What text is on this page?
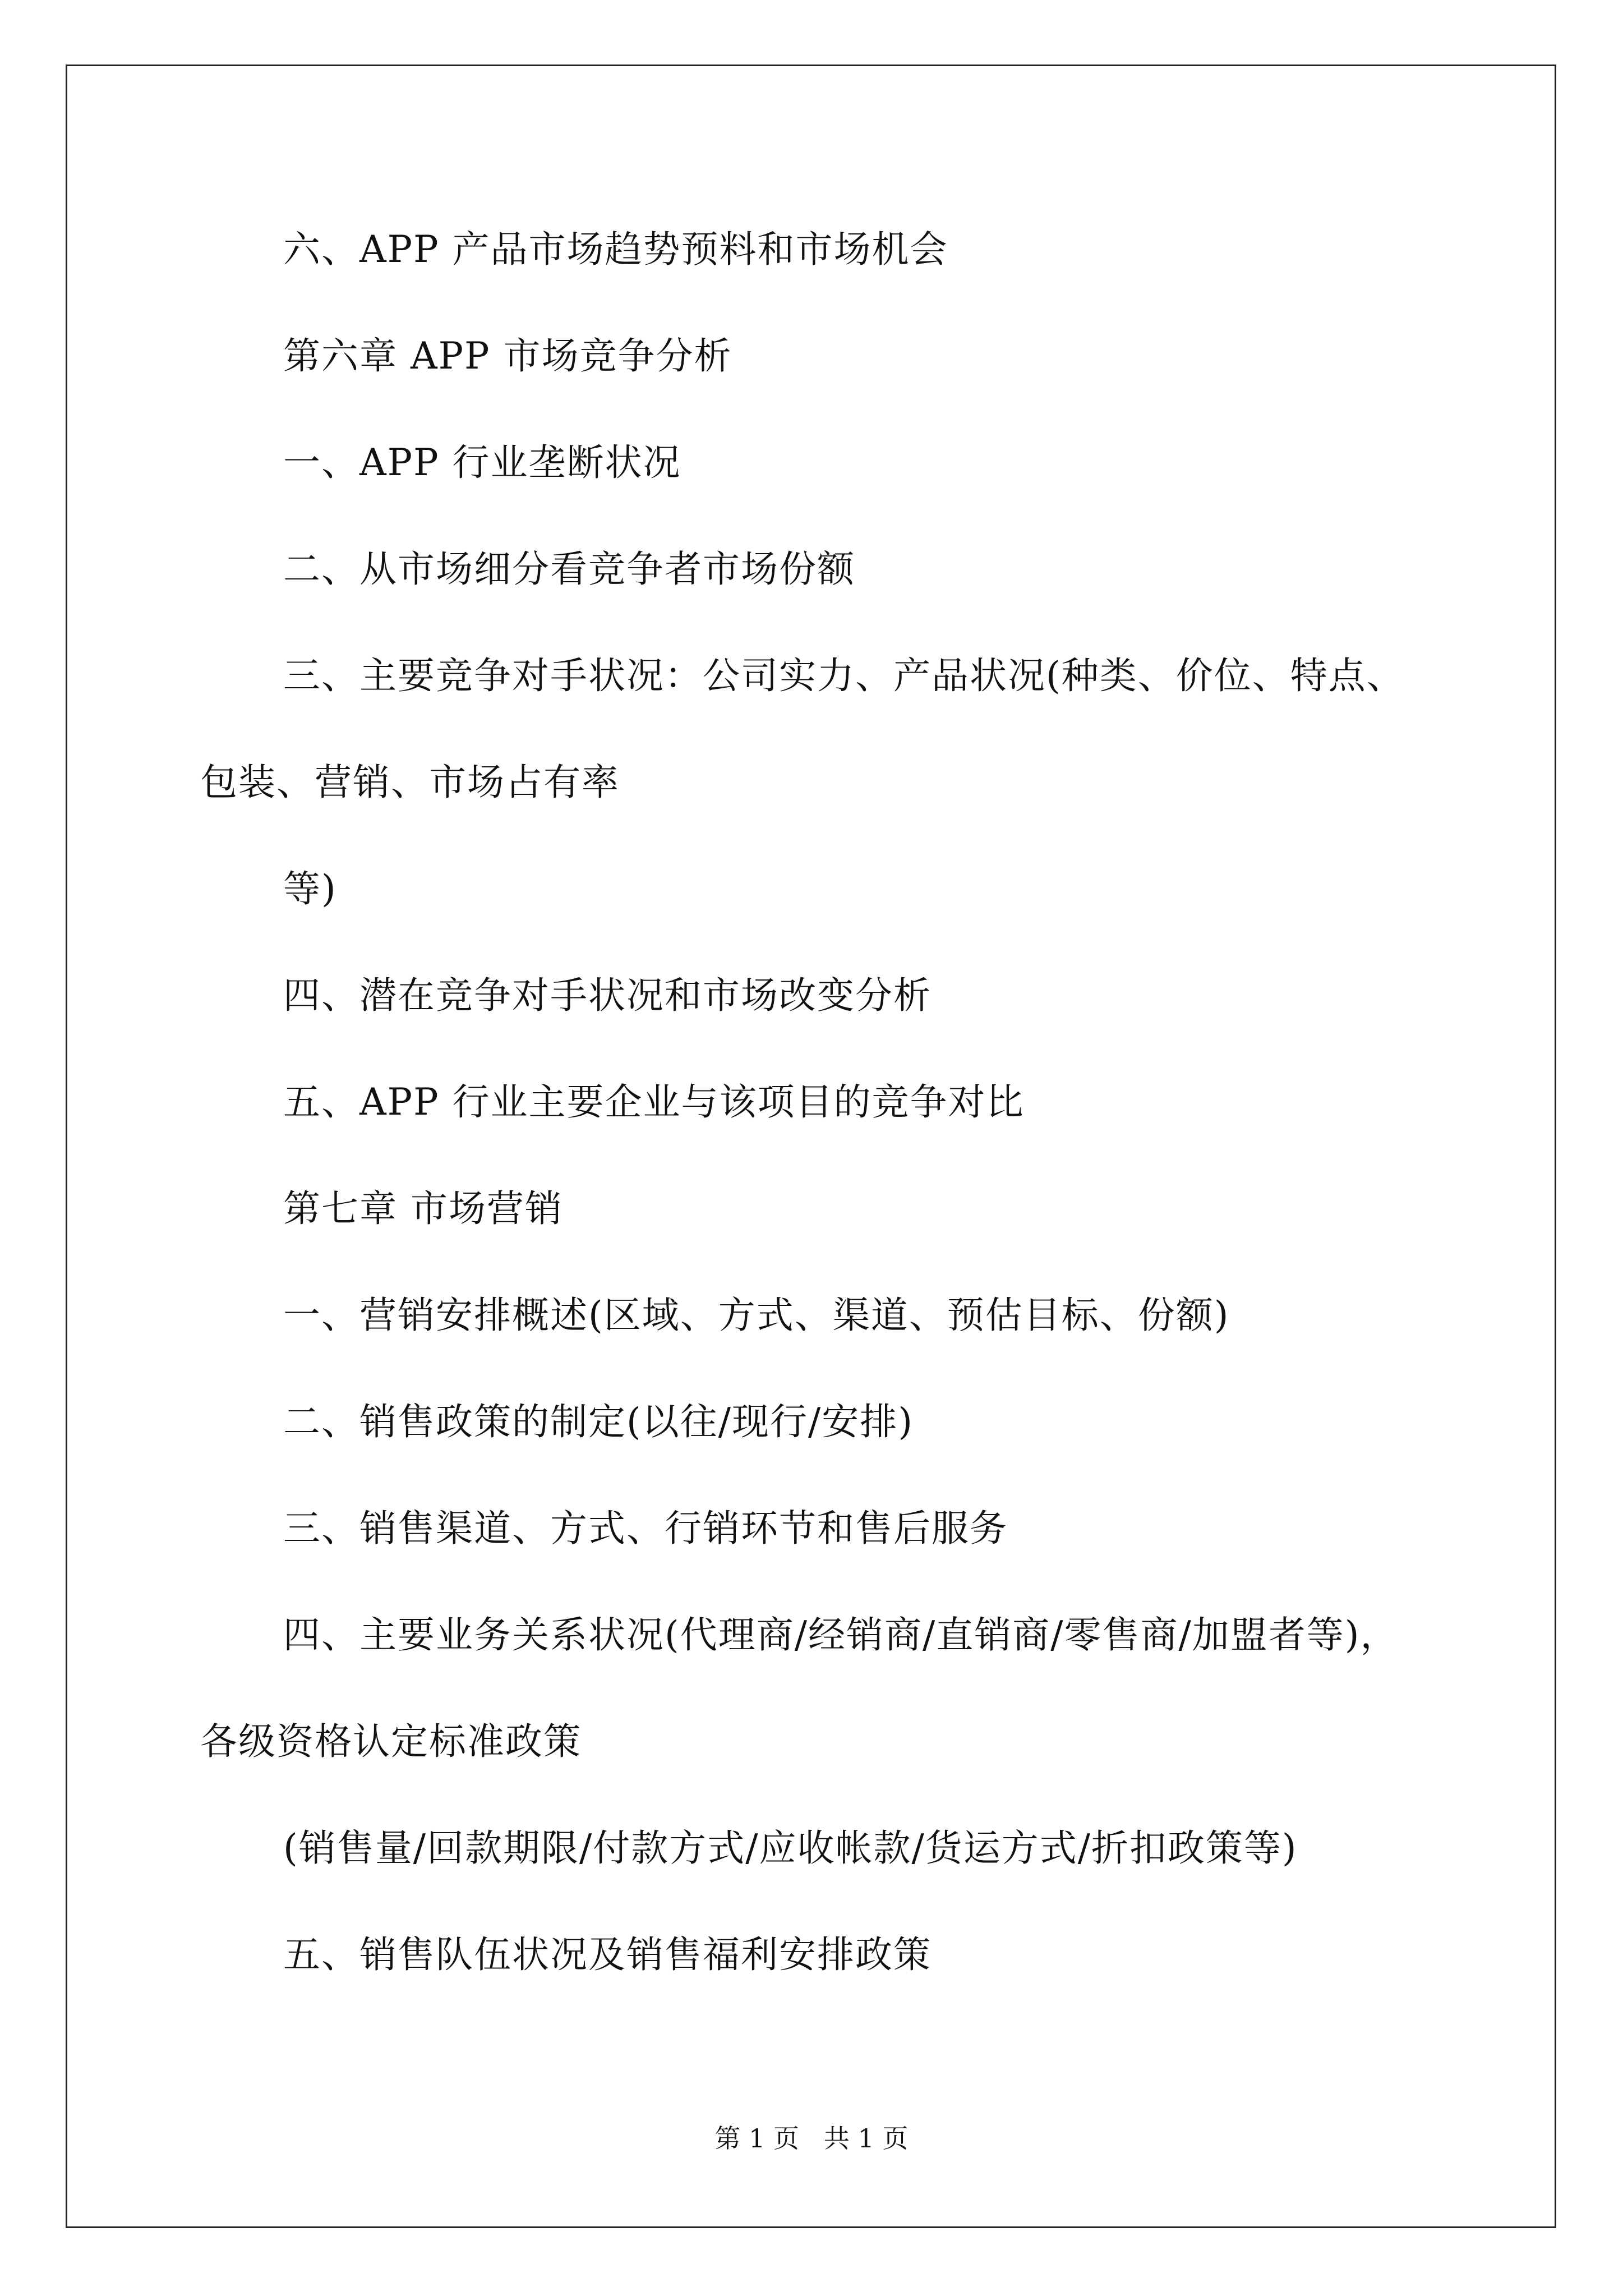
六、APP 产品市场趋势预料和市场机会
第六章 APP 市场竞争分析
一、APP 行业垄断状况
二、从市场细分看竞争者市场份额
三、主要竞争对手状况：公司实力、产品状况(种类、价位、特点、
包装、营销、市场占有率
等)
四、潜在竞争对手状况和市场改变分析
五、APP 行业主要企业与该项目的竞争对比
第七章 市场营销
一、营销安排概述(区域、方式、渠道、预估目标、份额)
二、销售政策的制定(以往/现行/安排)
三、销售渠道、方式、行销环节和售后服务
四、主要业务关系状况(代理商/经销商/直销商/零售商/加盟者等)，
各级资格认定标准政策
(销售量/回款期限/付款方式/应收帐款/货运方式/折扣政策等)
五、销售队伍状况及销售福利安排政策
第 1 页   共 1 页
